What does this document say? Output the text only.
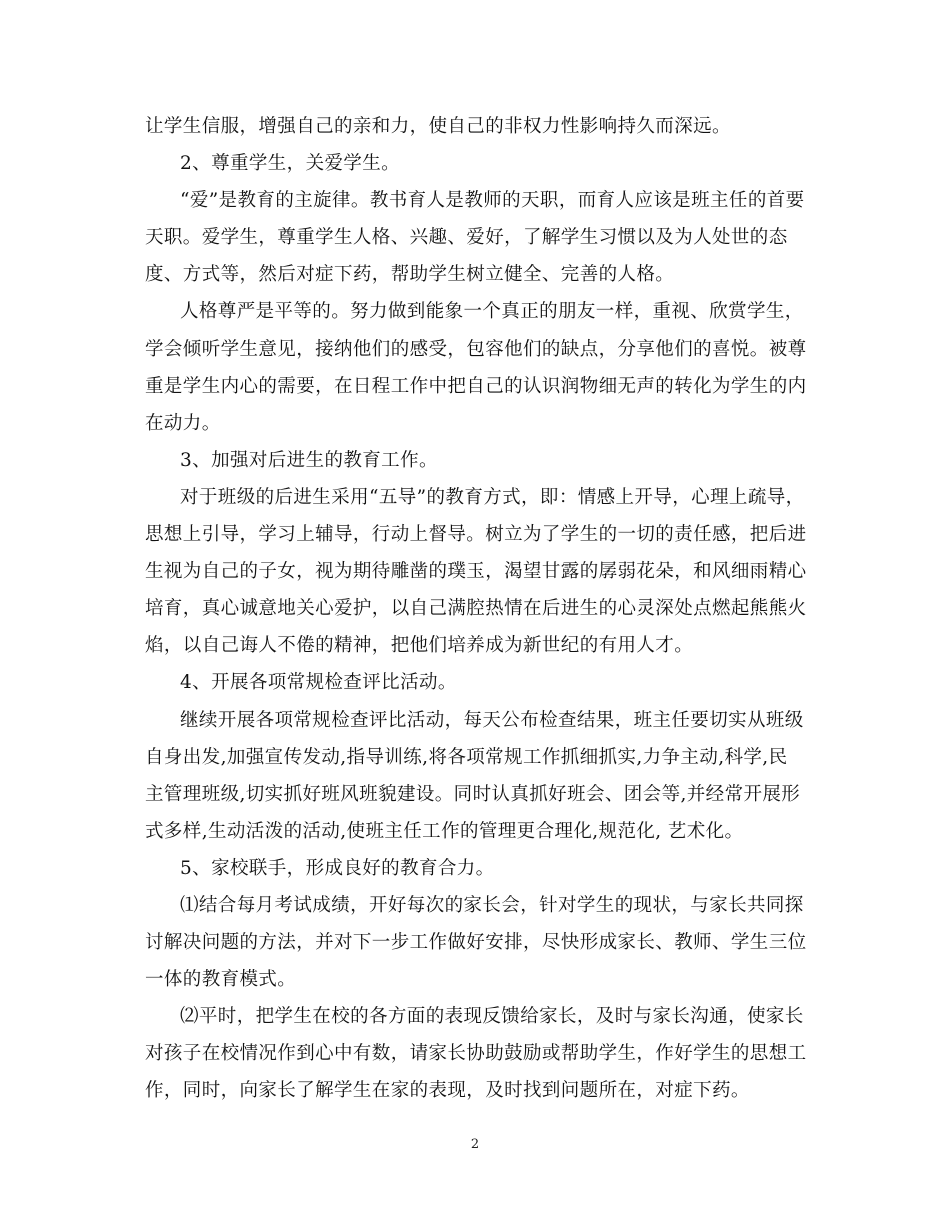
让学生信服，增强自己的亲和力，使自己的非权力性影响持久而深远。
2、尊重学生，关爱学生。
“爱”是教育的主旋律。教书育人是教师的天职，而育人应该是班主任的首要
天职。爱学生，尊重学生人格、兴趣、爱好，了解学生习惯以及为人处世的态
度、方式等，然后对症下药，帮助学生树立健全、完善的人格。
人格尊严是平等的。努力做到能象一个真正的朋友一样，重视、欣赏学生，
学会倾听学生意见，接纳他们的感受，包容他们的缺点，分享他们的喜悦。被尊
重是学生内心的需要，在日程工作中把自己的认识润物细无声的转化为学生的内
在动力。
3、加强对后进生的教育工作。
对于班级的后进生采用“五导”的教育方式，即：情感上开导，心理上疏导，
思想上引导，学习上辅导，行动上督导。树立为了学生的一切的责任感，把后进
生视为自己的子女，视为期待雕凿的璞玉，渴望甘露的孱弱花朵，和风细雨精心
培育，真心诚意地关心爱护，以自己满腔热情在后进生的心灵深处点燃起熊熊火
焰，以自己诲人不倦的精神，把他们培养成为新世纪的有用人才。
4、开展各项常规检查评比活动。
继续开展各项常规检查评比活动，每天公布检查结果，班主任要切实从班级
自身出发,加强宣传发动,指导训练,将各项常规工作抓细抓实,力争主动,科学,民
主管理班级,切实抓好班风班貌建设。同时认真抓好班会、团会等,并经常开展形
式多样,生动活泼的活动,使班主任工作的管理更合理化,规范化, 艺术化。
5、家校联手，形成良好的教育合力。
⑴结合每月考试成绩，开好每次的家长会，针对学生的现状，与家长共同探
讨解决问题的方法，并对下一步工作做好安排，尽快形成家长、教师、学生三位
一体的教育模式。
⑵平时，把学生在校的各方面的表现反馈给家长，及时与家长沟通，使家长
对孩子在校情况作到心中有数，请家长协助鼓励或帮助学生，作好学生的思想工
作，同时，向家长了解学生在家的表现，及时找到问题所在，对症下药。
2
